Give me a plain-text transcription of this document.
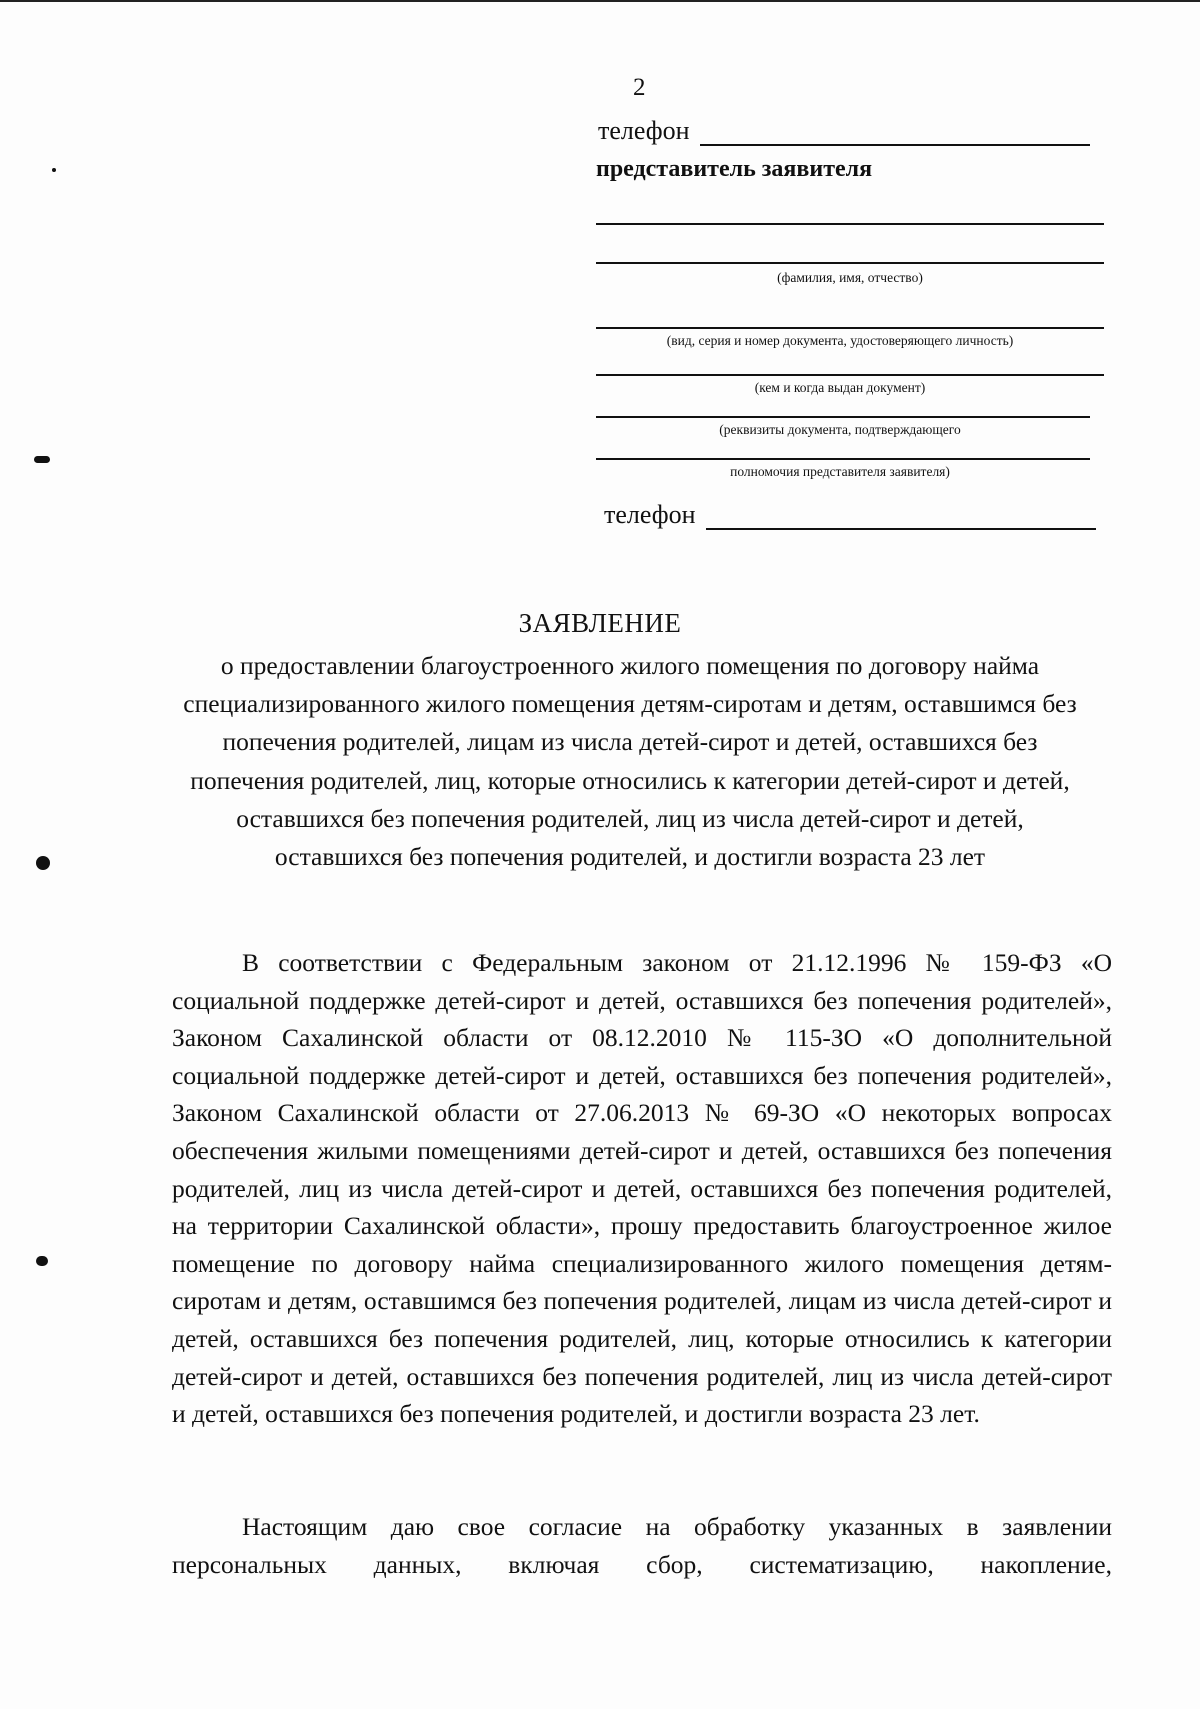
2
телефон
представитель заявителя
(фамилия, имя, отчество)
(вид, серия и номер документа, удостоверяющего личность)
(кем и когда выдан документ)
(реквизиты документа, подтверждающего
полномочия представителя заявителя)
телефон
ЗАЯВЛЕНИЕ
о предоставлении благоустроенного жилого помещения по договору найма специализированного жилого помещения детям-сиротам и детям, оставшимся без попечения родителей, лицам из числа детей-сирот и детей, оставшихся без попечения родителей, лиц, которые относились к категории детей-сирот и детей, оставшихся без попечения родителей, лиц из числа детей-сирот и детей, оставшихся без попечения родителей, и достигли возраста 23 лет

В соответствии с Федеральным законом от 21.12.1996 № 159-ФЗ «О социальной поддержке детей-сирот и детей, оставшихся без попечения родителей», Законом Сахалинской области от 08.12.2010 № 115-ЗО «О дополнительной социальной поддержке детей-сирот и детей, оставшихся без попечения родителей», Законом Сахалинской области от 27.06.2013 № 69-ЗО «О некоторых вопросах обеспечения жилыми помещениями детей-сирот и детей, оставшихся без попечения родителей, лиц из числа детей-сирот и детей, оставшихся без попечения родителей, на территории Сахалинской области», прошу предоставить благоустроенное жилое помещение по договору найма специализированного жилого помещения детям-сиротам и детям, оставшимся без попечения родителей, лицам из числа детей-сирот и детей, оставшихся без попечения родителей, лиц, которые относились к категории детей-сирот и детей, оставшихся без попечения родителей, лиц из числа детей-сирот и детей, оставшихся без попечения родителей, и достигли возраста 23 лет.

Настоящим даю свое согласие на обработку указанных в заявлении персональных данных, включая сбор, систематизацию, накопление,
